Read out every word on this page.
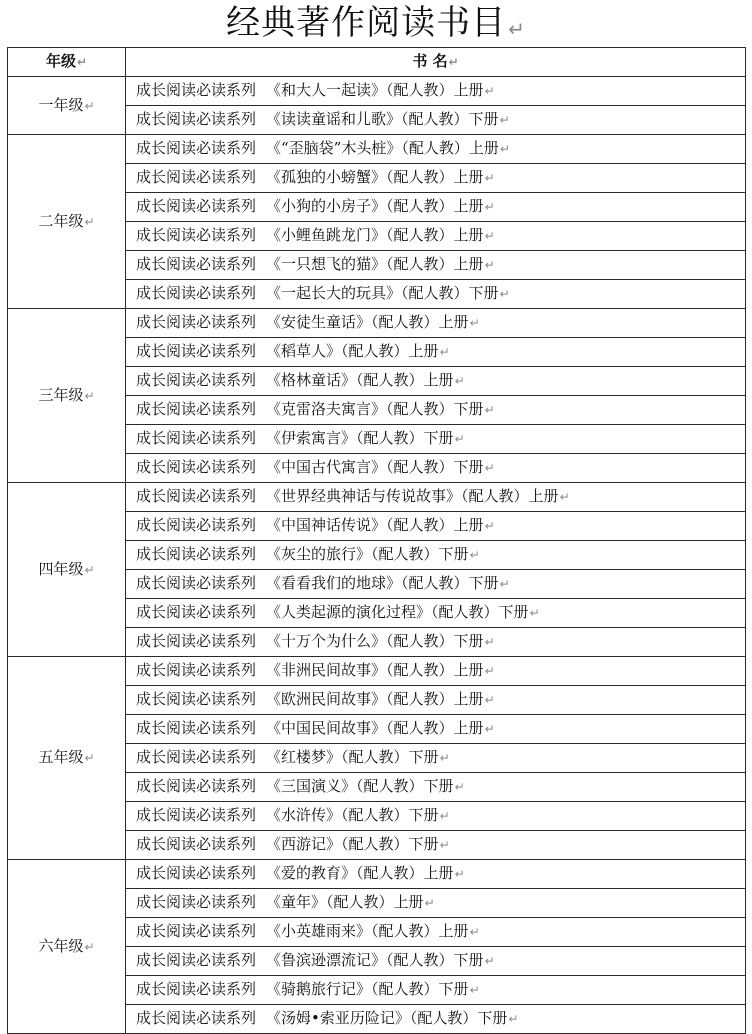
经典著作阅读书目 ↵
年级↵	书 名↵
一年级↵	成长阅读必读系列 《和大人一起读》（配人教）上册↵
	成长阅读必读系列 《读读童谣和儿歌》（配人教）下册↵
二年级↵	成长阅读必读系列 《“歪脑袋”木头桩》（配人教）上册↵
	成长阅读必读系列 《孤独的小螃蟹》（配人教）上册↵
	成长阅读必读系列 《小狗的小房子》（配人教）上册↵
	成长阅读必读系列 《小鲤鱼跳龙门》（配人教）上册↵
	成长阅读必读系列 《一只想飞的猫》（配人教）上册↵
	成长阅读必读系列 《一起长大的玩具》（配人教）下册↵
三年级↵	成长阅读必读系列 《安徒生童话》（配人教）上册↵
	成长阅读必读系列 《稻草人》（配人教）上册↵
	成长阅读必读系列 《格林童话》（配人教）上册↵
	成长阅读必读系列 《克雷洛夫寓言》（配人教）下册↵
	成长阅读必读系列 《伊索寓言》（配人教）下册↵
	成长阅读必读系列 《中国古代寓言》（配人教）下册↵
四年级↵	成长阅读必读系列 《世界经典神话与传说故事》（配人教）上册↵
	成长阅读必读系列 《中国神话传说》（配人教）上册↵
	成长阅读必读系列 《灰尘的旅行》（配人教）下册↵
	成长阅读必读系列 《看看我们的地球》（配人教）下册↵
	成长阅读必读系列 《人类起源的演化过程》（配人教）下册↵
	成长阅读必读系列 《十万个为什么》（配人教）下册↵
五年级↵	成长阅读必读系列 《非洲民间故事》（配人教）上册↵
	成长阅读必读系列 《欧洲民间故事》（配人教）上册↵
	成长阅读必读系列 《中国民间故事》（配人教）上册↵
	成长阅读必读系列 《红楼梦》（配人教）下册↵
	成长阅读必读系列 《三国演义》（配人教）下册↵
	成长阅读必读系列 《水浒传》（配人教）下册↵
	成长阅读必读系列 《西游记》（配人教）下册↵
六年级↵	成长阅读必读系列 《爱的教育》（配人教）上册↵
	成长阅读必读系列 《童年》（配人教）上册↵
	成长阅读必读系列 《小英雄雨来》（配人教）上册↵
	成长阅读必读系列 《鲁滨逊漂流记》（配人教）下册↵
	成长阅读必读系列 《骑鹅旅行记》（配人教）下册↵
	成长阅读必读系列 《汤姆•索亚历险记》（配人教）下册↵
